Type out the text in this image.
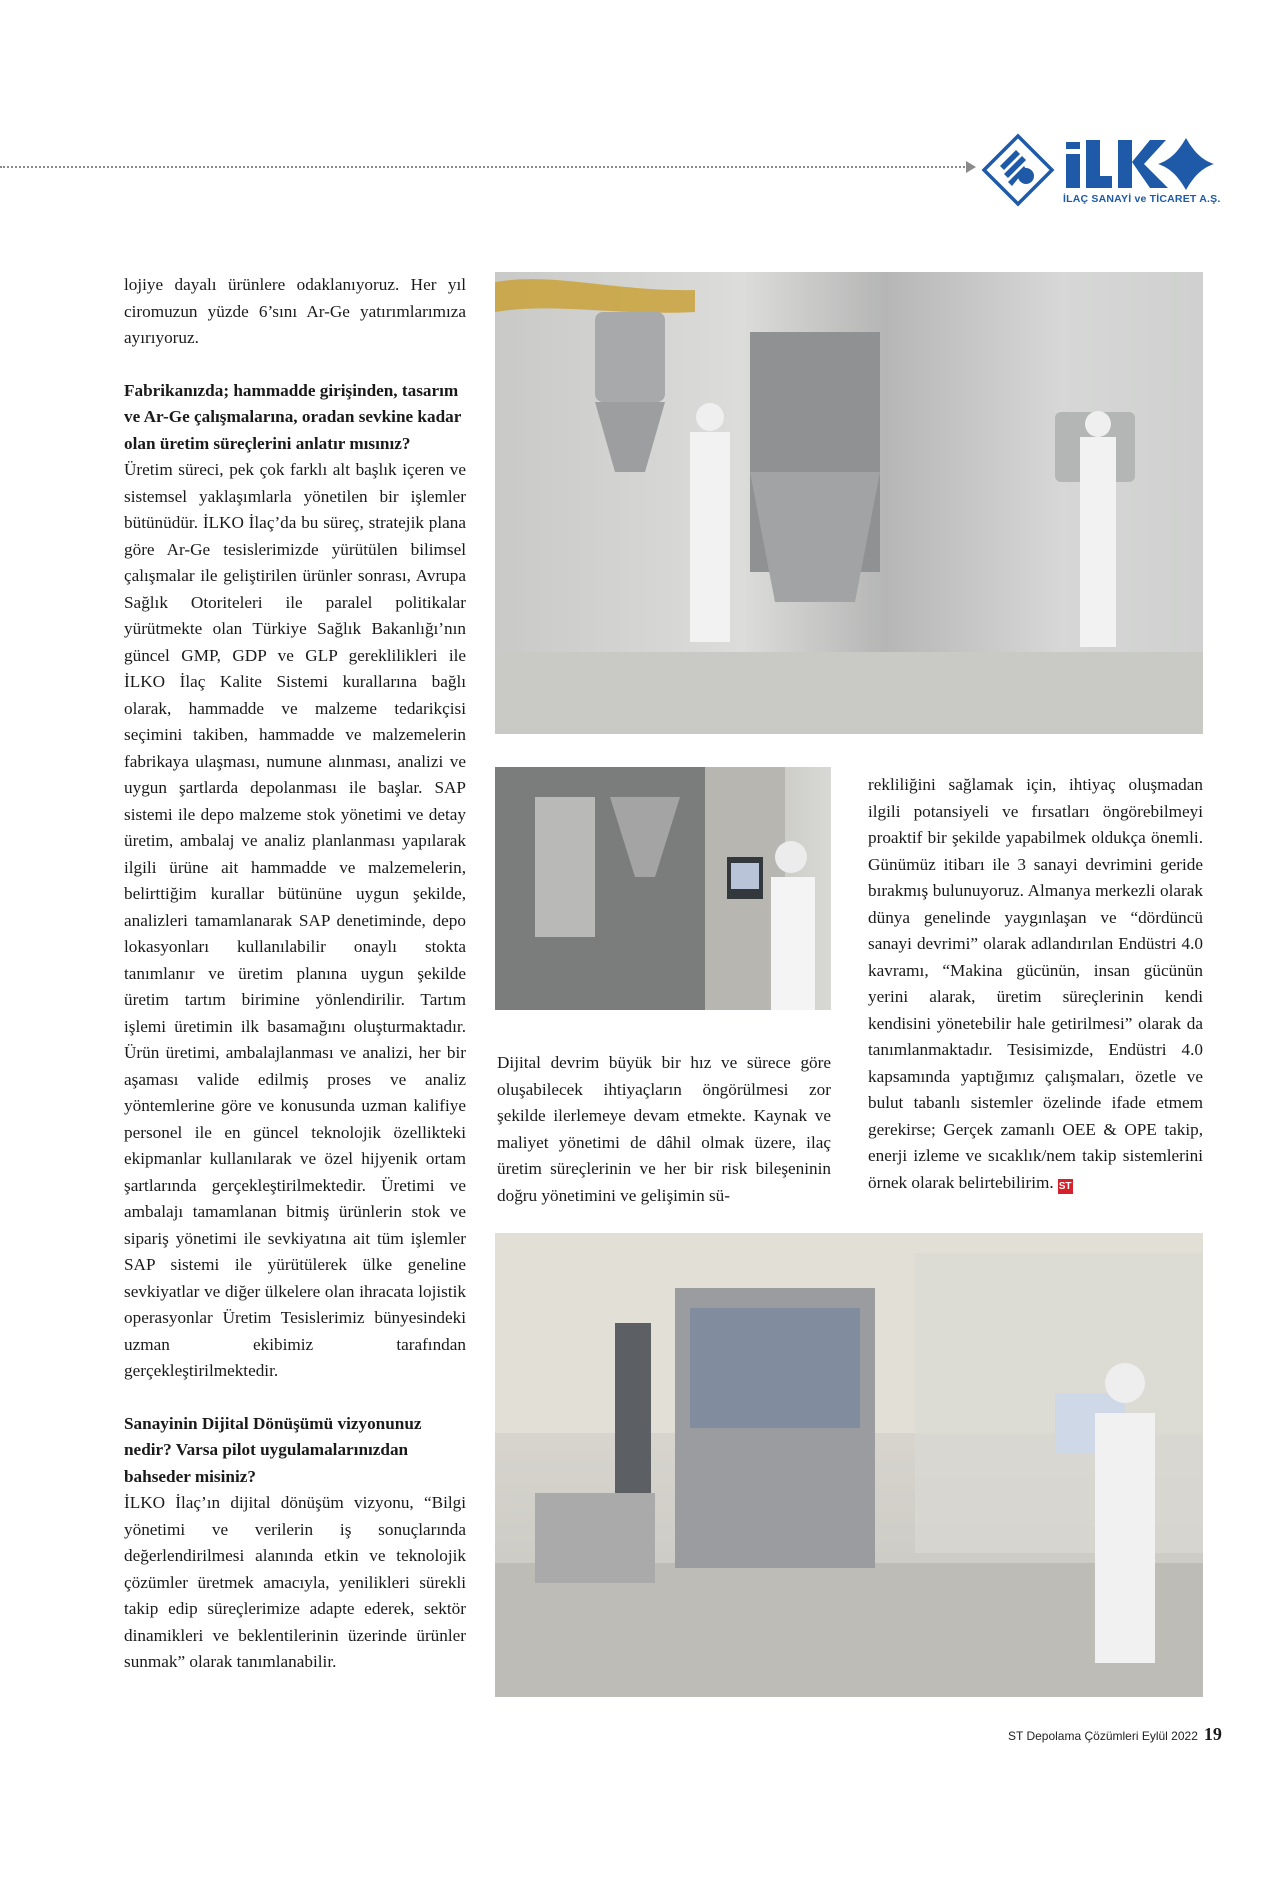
İLAÇ SANAYİ ve TİCARET A.Ş.

lojiye dayalı ürünlere odaklanıyoruz. Her yıl ciromuzun yüzde 6’sını Ar-Ge yatırımlarımıza ayırıyoruz.

Fabrikanızda; hammadde girişinden, tasarım ve Ar-Ge çalışmalarına, oradan sevkine kadar olan üretim süreçlerini anlatır mısınız?

Üretim süreci, pek çok farklı alt başlık içeren ve sistemsel yaklaşımlarla yönetilen bir işlemler bütünüdür. İLKO İlaç’da bu süreç, stratejik plana göre Ar-Ge tesislerimizde yürütülen bilimsel çalışmalar ile geliştirilen ürünler sonrası, Avrupa Sağlık Otoriteleri ile paralel politikalar yürütmekte olan Türkiye Sağlık Bakanlığı’nın güncel GMP, GDP ve GLP gereklilikleri ile İLKO İlaç Kalite Sistemi kurallarına bağlı olarak, hammadde ve malzeme tedarikçisi seçimini takiben, hammadde ve malzemelerin fabrikaya ulaşması, numune alınması, analizi ve uygun şartlarda depolanması ile başlar. SAP sistemi ile depo malzeme stok yönetimi ve detay üretim, ambalaj ve analiz planlanması yapılarak ilgili ürüne ait hammadde ve malzemelerin, belirttiğim kurallar bütününe uygun şekilde, analizleri tamamlanarak SAP denetiminde, depo lokasyonları kullanılabilir onaylı stokta tanımlanır ve üretim planına uygun şekilde üretim tartım birimine yönlendirilir. Tartım işlemi üretimin ilk basamağını oluşturmaktadır. Ürün üretimi, ambalajlanması ve analizi, her bir aşaması valide edilmiş proses ve analiz yöntemlerine göre ve konusunda uzman kalifiye personel ile en güncel teknolojik özellikteki ekipmanlar kullanılarak ve özel hijyenik ortam şartlarında gerçekleştirilmektedir. Üretimi ve ambalajı tamamlanan bitmiş ürünlerin stok ve sipariş yönetimi ile sevkiyatına ait tüm işlemler SAP sistemi ile yürütülerek ülke geneline sevkiyatlar ve diğer ülkelere olan ihracata lojistik operasyonlar Üretim Tesislerimiz bünyesindeki uzman ekibimiz tarafından gerçekleştirilmektedir.

Sanayinin Dijital Dönüşümü vizyonunuz nedir? Varsa pilot uygulamalarınızdan bahseder misiniz?

İLKO İlaç’ın dijital dönüşüm vizyonu, “Bilgi yönetimi ve verilerin iş sonuçlarında değerlendirilmesi alanında etkin ve teknolojik çözümler üretmek amacıyla, yenilikleri sürekli takip edip süreçlerimize adapte ederek, sektör dinamikleri ve beklentilerinin üzerinde ürünler sunmak” olarak tanımlanabilir.

Dijital devrim büyük bir hız ve sürece göre oluşabilecek ihtiyaçların öngörülmesi zor şekilde ilerlemeye devam etmekte. Kaynak ve maliyet yönetimi de dâhil olmak üzere, ilaç üretim süreçlerinin ve her bir risk bileşeninin doğru yönetimini ve gelişimin sü-

rekliliğini sağlamak için, ihtiyaç oluşmadan ilgili potansiyeli ve fırsatları öngörebilmeyi proaktif bir şekilde yapabilmek oldukça önemli. Günümüz itibarı ile 3 sanayi devrimini geride bırakmış bulunuyoruz. Almanya merkezli olarak dünya genelinde yaygınlaşan ve “dördüncü sanayi devrimi” olarak adlandırılan Endüstri 4.0 kavramı, “Makina gücünün, insan gücünün yerini alarak, üretim süreçlerinin kendi kendisini yönetebilir hale getirilmesi” olarak da tanımlanmaktadır. Tesisimizde, Endüstri 4.0 kapsamında yaptığımız çalışmaları, özetle ve bulut tabanlı sistemler özelinde ifade etmem gerekirse; Gerçek zamanlı OEE & OPE takip, enerji izleme ve sıcaklık/nem takip sistemlerini örnek olarak belirtebilirim. ST

ST Depolama Çözümleri Eylül 2022 19
